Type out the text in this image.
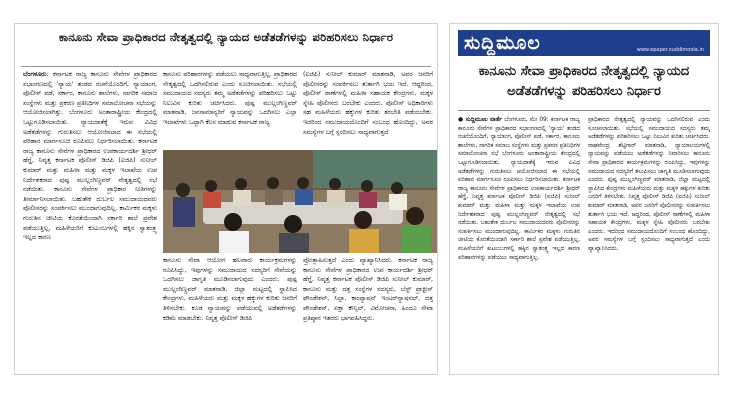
ಕಾನೂನು ಸೇವಾ ಪ್ರಾಧಿಕಾರದ ನೇತೃತ್ವದಲ್ಲಿ ನ್ಯಾಯದ ಅಡೆತಡೆಗಳನ್ನು ಪರಿಹರಿಸಲು ನಿರ್ಧಾರ
ಬೆಂಗಳೂರು: ಕರ್ನಾಟಕ ರಾಜ್ಯ ಕಾನೂನು ಸೇವೆಗಳ ಪ್ರಾಧಿಕಾರದ ಸಭಾಂಗಣದಲ್ಲಿ 'ನ್ಯಾಯ' ತಂಡದ ರಚನೆಯೊಂದಿಗೆ, ನ್ಯಾಯಾಂಗ, ಪೊಲೀಸ್ ಪಡೆ, ಸರ್ಕಾರ, ಕಾನೂನು ಶಾಲೆಗಳು, ನಾಗರಿಕ ಸಮಾಜ ಸಂಸ್ಥೆಗಳು ಮತ್ತು ಪ್ರಕರಣ ಪ್ರತಿನಿಧಿಗಳ ಸಮಾಲೋಚನಾ ಸಭೆಯನ್ನು ಆಯೋಜಿಸಲಾಗಿತ್ತು. ಬೆಂಗಳೂರು ಅಂತಾರಾಷ್ಟ್ರೀಯ ಕೇಂದ್ರದಲ್ಲಿ ಒಟ್ಟುಗೂಡಿಸಲಾಯಿತು. ನ್ಯಾಯದಾತೆಕ್ಕೆ ಇರುವ ವಿವಿಧ ಅಡೆತಡೆಗಳನ್ನು ಗುರುತಿಸಲು ಆಯೋಜಿಸಲಾದ ಈ ಸಭೆಯಲ್ಲಿ ಪರಿಹಾರ ಮಾರ್ಗಸೂಚಿ ರೂಪಿಸಲು ನಿರ್ಧರಿಸಲಾಯಿತು. ಕರ್ನಾಟಕ ರಾಜ್ಯ ಕಾನೂನು ಸೇವೆಗಳ ಪ್ರಾಧಿಕಾರದ ಉಪಕಾರ್ಯದರ್ಶಿ ಶ್ರೀಧರ್ ಹೆಗ್ಡೆ, ನಿವೃತ್ತ ಕರ್ನಾಟಕ ಪೊಲೀಸ್ ಡಿಜಿಪಿ (ಐಜಿಪಿ) ಸುನೀಲ್ ಕುಮಾರ್ ಮತ್ತು ಮಹಿಳಾ ಮತ್ತು ಮಕ್ಕಳ ಇಲಾಖೆಯ ಉಪ ನಿರ್ದೇಶಕರಾದ ಪುಷ್ಪ ಮುಲ್ಲಂಗಿಣ್ಣವರ್ ನೇತೃತ್ವದಲ್ಲಿ ಸಭೆ ನಡೆಯಿತು. ಕಾನೂನು ಸೇವೆಗಳ ಪ್ರಾಧಿಕಾರ ನೀತಿಗಳನ್ನು ತೀರ್ಮಾನಿಸಲಾಯಿತು. ಬಹುತೇಕ ದುರ್ಬಲ ಸಮುದಾಯದವರು ಪೊಲೀಸರನ್ನು ಸಂಪರ್ಕಿಸಲು ಮುಂದಾಗುವುದಿಲ್ಲ. ಕಾರ್ಮಿಕರ ಮಕ್ಕಳು ಗುರುತಿನ ಚೀಟಿಯ ಕೊರತೆಯಿಂದಾಗಿ ಸರ್ಕಾರಿ ಶಾಲೆ ಪ್ರವೇಶ ಪಡೆಯುತ್ತಿಲ್ಲ, ಮಹಿಳೆಯರಿಗೆ ಕುಟುಂಬಗಳಲ್ಲಿ ಹಕ್ಕಿನ ಸ್ವಾತಂತ್ರ್ಯ ಇಲ್ಲದ ಕಾರಣ
ಕಾನೂನು ಪರಿಹಾರಗಳನ್ನು ಪಡೆಯಲು ಸಾಧ್ಯವಾಗುತ್ತಿಲ್ಲ. ಪ್ರಾಧಿಕಾರದ ನೇತೃತ್ವದಲ್ಲಿ ಒದಗಿಸಲಿರುವ ಎಂದು ಸೂಚಿಸಲಾಯಿತು. ಸಭೆಯಲ್ಲಿ ಸಮುದಾಯದ ಸದಸ್ಯರು ತಮ್ಮ ಅಡೆತಡೆಗಳನ್ನು ಪರಿಹರಿಸಲು ಒಟ್ಟು ನಿಲುವಿನ ಕುರಿತು ಚರ್ಚಿಸಿದರು. ಪುಷ್ಪ ಮುಲ್ಲಂಗಿಣ್ಣವರ್ ಮಾತನಾಡಿ, ಜನಸಾಮಾನ್ಯರಿಗೆ ನ್ಯಾಯವನ್ನು ಒದಗಿಸಲು ಎಲ್ಲಾ ಇಲಾಖೆಗಳು ಒಟ್ಟಾಗಿ ಕೆಲಸ ಮಾಡುವ ಕರ್ನಾಟಕ ರಾಜ್ಯ
(ಐಜಿಪಿ) ಸುನೀಲ್ ಕುಮಾರ್ ಮಾತನಾಡಿ, ಅವರ ಜನರಿಗೆ ಪೊಲೀಸರನ್ನು ಸಂಪರ್ಕಿಸಲು ತುರ್ತಾಗಿ ಭಯ ಇದೆ. ಆದ್ದರಿಂದ, ಪೊಲೀಸ್ ಠಾಣೆಗಳಲ್ಲಿ ಮಹಿಳಾ ಸಹಾಯಕ ಕೇಂದ್ರಗಳು, ಮಕ್ಕಳ ಸ್ನೇಹಿ ಪೊಲೀಸರು ಬರಬೇಕು ಎಂದರು. ಪೊಲೀಸ್ ಅಧಿಕಾರಿಗಳು ಸಹ ಮಹಿಳೆಯರು ಹಕ್ಕುಗಳ ಕುರಿತು ತರಬೇತಿ ಪಡೆಯಬೇಕು. ಇದರಿಂದ ಸಮುದಾಯದೊಂದಿಗೆ ಸಂಬಂಧ ಹೊಂದಿದ್ದು, ಅವರ ಸಮಸ್ಯೆಗಳ ಬಗ್ಗೆ ಸ್ಪಂದಿಸಲು ಸಾಧ್ಯವಾಗುತ್ತದೆ
ಕಾನೂನು ಸೇವಾ ಆಯೋಗ ಹಲವಾರು ಕಾರ್ಯಕ್ರಮಗಳನ್ನು ರೂಪಿಸಿದ್ದು, ಇವುಗಳನ್ನು ಸಮುದಾಯದ ಸದಸ್ಯರಿಗೆ ಸೇವೆಯನ್ನು ಒದಗಿಸಲು ಜಾಗೃತಿ ಮೂಡಿಸಲಾಗುವುದು ಎಂದರು. ಪುಷ್ಪ ಮುಲ್ಲಂಗಿಣ್ಣವರ್ ಮಾತನಾಡಿ, ಜಿಲ್ಲಾ ಮಟ್ಟದಲ್ಲಿ ಸ್ಥಾಪಿಸಿದ ಕೇಂದ್ರಗಳು, ಮಹಿಳೆಯರು ಮತ್ತು ಮಕ್ಕಳ ಹಕ್ಕುಗಳ ಕುರಿತು ಜನರಿಗೆ ತಿಳಿಸಬೇಕು. ಕೂಡ ನ್ಯಾಯವನ್ನು ಪಡೆಯುವಲ್ಲಿ ಅಡೆತಡೆಗಳನ್ನು ಕಡಿಮೆ ಮಾಡಬೇಕು. ನಿವೃತ್ತ ಪೊಲೀಸ್ ಡಿಜಿಪಿ
ಪ್ರೋತ್ಸಾಹಿಸುತ್ತದೆ ಎಂದು ವ್ಯಾಖ್ಯಾನಿಸಿದರು. ಕರ್ನಾಟಕ ರಾಜ್ಯ ಕಾನೂನು ಸೇವೆಗಳ ಪ್ರಾಧಿಕಾರದ ಉಪ ಕಾರ್ಯದರ್ಶಿ ಶ್ರೀಧರ್ ಹೆಗ್ಡೆ, ನಿವೃತ್ತ ಕರ್ನಾಟಕ ಪೊಲೀಸ್ ಡಿಜಿಪಿ ಸುನೀಲ್ ಕುಮಾರ್, ಕಾನೂನು ಮತ್ತು ದತ್ತ ಸಂಸ್ಥೆಗಳ ಸದಸ್ಯರು, ಬೆಸ್ಟ್ ಪ್ರಾಕ್ಟೀಸ್ ಫೌಂಡೇಶನ್, ಸಿಲ್ಪಾ, ಕಾಂಪ್ಯಾಷನ್ ಇಂಟರ್‌ನ್ಯಾಷನಲ್, ದತ್ತ ಪೌಂಡೇಶನ್, ಏಕ್ತಾ ಕೌನ್ಸಿಲ್, ವಿಮೋಚನಾ, ಹಿಂದೂ ಸೇವಾ ಪ್ರತಿಷ್ಠಾನ ಇತರರು ಭಾಗವಹಿಸಿದ್ದರು.
ಸುದ್ದಿಮೂಲ	www.epaper.suddimoola.in
ಕಾನೂನು ಸೇವಾ ಪ್ರಾಧಿಕಾರದ ನೇತೃತ್ವದಲ್ಲಿ ನ್ಯಾಯದ ಅಡೆತಡೆಗಳನ್ನು ಪರಿಹರಿಸಲು ನಿರ್ಧಾರ
● ಸುದ್ದಿಮೂಲ ವಾರ್ತೆ ಬೆಂಗಳೂರು, ಮೇ 09: ಕರ್ನಾಟಕ ರಾಜ್ಯ ಕಾನೂನು ಸೇವೆಗಳ ಪ್ರಾಧಿಕಾರದ ಸಭಾಂಗಣದಲ್ಲಿ 'ನ್ಯಾಯ' ತಂಡದ ರಚನೆಯೊಂದಿಗೆ, ನ್ಯಾಯಾಂಗ, ಪೊಲೀಸ್ ಪಡೆ, ಸರ್ಕಾರ, ಕಾನೂನು ಶಾಲೆಗಳು, ನಾಗರಿಕ ಸಮಾಜ ಸಂಸ್ಥೆಗಳು ಮತ್ತು ಪ್ರಕರಣ ಪ್ರತಿನಿಧಿಗಳ ಸಮಾಲೋಚನಾ ಸಭೆ ಬೆಂಗಳೂರು ಅಂತಾರಾಷ್ಟ್ರೀಯ ಕೇಂದ್ರದಲ್ಲಿ ಒಟ್ಟುಗೂಡಿಸಲಾಯಿತು. ನ್ಯಾಯದಾತೆಕ್ಕೆ ಇರುವ ವಿವಿಧ ಅಡೆತಡೆಗಳನ್ನು ಗುರುತಿಸಲು ಆಯೋಜಿಸಲಾದ ಈ ಸಭೆಯಲ್ಲಿ ಪರಿಹಾರ ಮಾರ್ಗಸೂಚಿ ರೂಪಿಸಲು ನಿರ್ಧರಿಸಲಾಯಿತು. ಕರ್ನಾಟಕ ರಾಜ್ಯ ಕಾನೂನು ಸೇವೆಗಳ ಪ್ರಾಧಿಕಾರದ ಉಪಕಾರ್ಯದರ್ಶಿ ಶ್ರೀಧರ್ ಹೆಗ್ಡೆ, ನಿವೃತ್ತ ಕರ್ನಾಟಕ ಪೊಲೀಸ್ ಡಿಜಿಪಿ (ಐಜಿಪಿ) ಸುನೀಲ್ ಕುಮಾರ್ ಮತ್ತು ಮಹಿಳಾ ಮತ್ತು ಮಕ್ಕಳ ಇಲಾಖೆಯ ಉಪ ನಿರ್ದೇಶಕರಾದ ಪುಷ್ಪ ಮುಲ್ಲಂಗಿಣ್ಣವರ್ ನೇತೃತ್ವದಲ್ಲಿ ಸಭೆ ನಡೆಯಿತು. ಬಹುತೇಕ ದುರ್ಬಲ ಸಮುದಾಯದವರು ಪೊಲೀಸರನ್ನು ಸಂಪರ್ಕಿಸಲು ಮುಂದಾಗುವುದಿಲ್ಲ. ಕಾರ್ಮಿಕರ ಮಕ್ಕಳು ಗುರುತಿನ ಚೀಟಿಯ ಕೊರತೆಯಿಂದಾಗಿ ಸರ್ಕಾರಿ ಶಾಲೆ ಪ್ರವೇಶ ಪಡೆಯುತ್ತಿಲ್ಲ, ಮಹಿಳೆಯರಿಗೆ ಕುಟುಂಬಗಳಲ್ಲಿ ಹಕ್ಕಿನ ಸ್ವಾತಂತ್ರ್ಯ ಇಲ್ಲದ ಕಾರಣ ಪರಿಹಾರಗಳನ್ನು ಪಡೆಯಲು ಸಾಧ್ಯವಾಗುತ್ತಿಲ್ಲ.
ಪ್ರಾಧಿಕಾರದ ನೇತೃತ್ವದಲ್ಲಿ ನ್ಯಾಯವನ್ನು ಒದಗಿಸಲಿರುವ ಎಂದು ಸೂಚಿಸಲಾಯಿತು. ಸಭೆಯಲ್ಲಿ ಸಮುದಾಯದ ಸದಸ್ಯರು ತಮ್ಮ ಅಡೆತಡೆಗಳನ್ನು ಪರಿಹರಿಸಲು ಒಟ್ಟು ನಿಲುವಿನ ಕುರಿತು ಚರ್ಚಿಸಿದರು. ರಾಘವೇಂದ್ರ ಶೆಟ್ಟಿಗಾರ್ ಮಾತನಾಡಿ, ನ್ಯಾಯಾಲಯಗಳಲ್ಲಿ ನ್ಯಾಯವನ್ನು ಪಡೆಯಲು ಅಡೆತಡೆಗಳನ್ನು ನಿವಾರಿಸಲು ಕಾನೂನು ಸೇವಾ ಪ್ರಾಧಿಕಾರದ ಕಾರ್ಯಕ್ರಮಗಳನ್ನು ರೂಪಿಸಿದ್ದು, ಇವುಗಳನ್ನು ಸಮುದಾಯದ ಸದಸ್ಯರಿಗೆ ತಲುಪಿಸಲು ಜಾಗೃತಿ ಮೂಡಿಸಲಾಗುವುದು ಎಂದರು. ಪುಷ್ಪ ಮುಲ್ಲಂಗಿಣ್ಣವರ್ ಮಾತನಾಡಿ, ಜಿಲ್ಲಾ ಮಟ್ಟದಲ್ಲಿ ಸ್ಥಾಪಿಸಿದ ಕೇಂದ್ರಗಳು ಮಹಿಳೆಯರು ಮತ್ತು ಮಕ್ಕಳ ಹಕ್ಕುಗಳ ಕುರಿತು ಜನರಿಗೆ ತಿಳಿಸಬೇಕು. ನಿವೃತ್ತ ಪೊಲೀಸ್ ಡಿಜಿಪಿ (ಐಜಿಪಿ) ಸುನೀಲ್ ಕುಮಾರ್ ಮಾತನಾಡಿ, ಅವರ ಜನರಿಗೆ ಪೊಲೀಸರನ್ನು ಸಂಪರ್ಕಿಸಲು ತುರ್ತಾಗಿ ಭಯ ಇದೆ. ಆದ್ದರಿಂದ, ಪೊಲೀಸ್ ಠಾಣೆಗಳಲ್ಲಿ ಮಹಿಳಾ ಸಹಾಯಕ ಕೇಂದ್ರಗಳು, ಮಕ್ಕಳ ಸ್ನೇಹಿ ಪೊಲೀಸರು ಬರಬೇಕು ಎಂದರು. ಇದರಿಂದ ಸಮುದಾಯದೊಂದಿಗೆ ಸಂಬಂಧ ಹೊಂದಿದ್ದು, ಅವರ ಸಮಸ್ಯೆಗಳ ಬಗ್ಗೆ ಸ್ಪಂದಿಸಲು ಸಾಧ್ಯವಾಗುತ್ತದೆ ಎಂದು ವ್ಯಾಖ್ಯಾನಿಸಿದರು.
